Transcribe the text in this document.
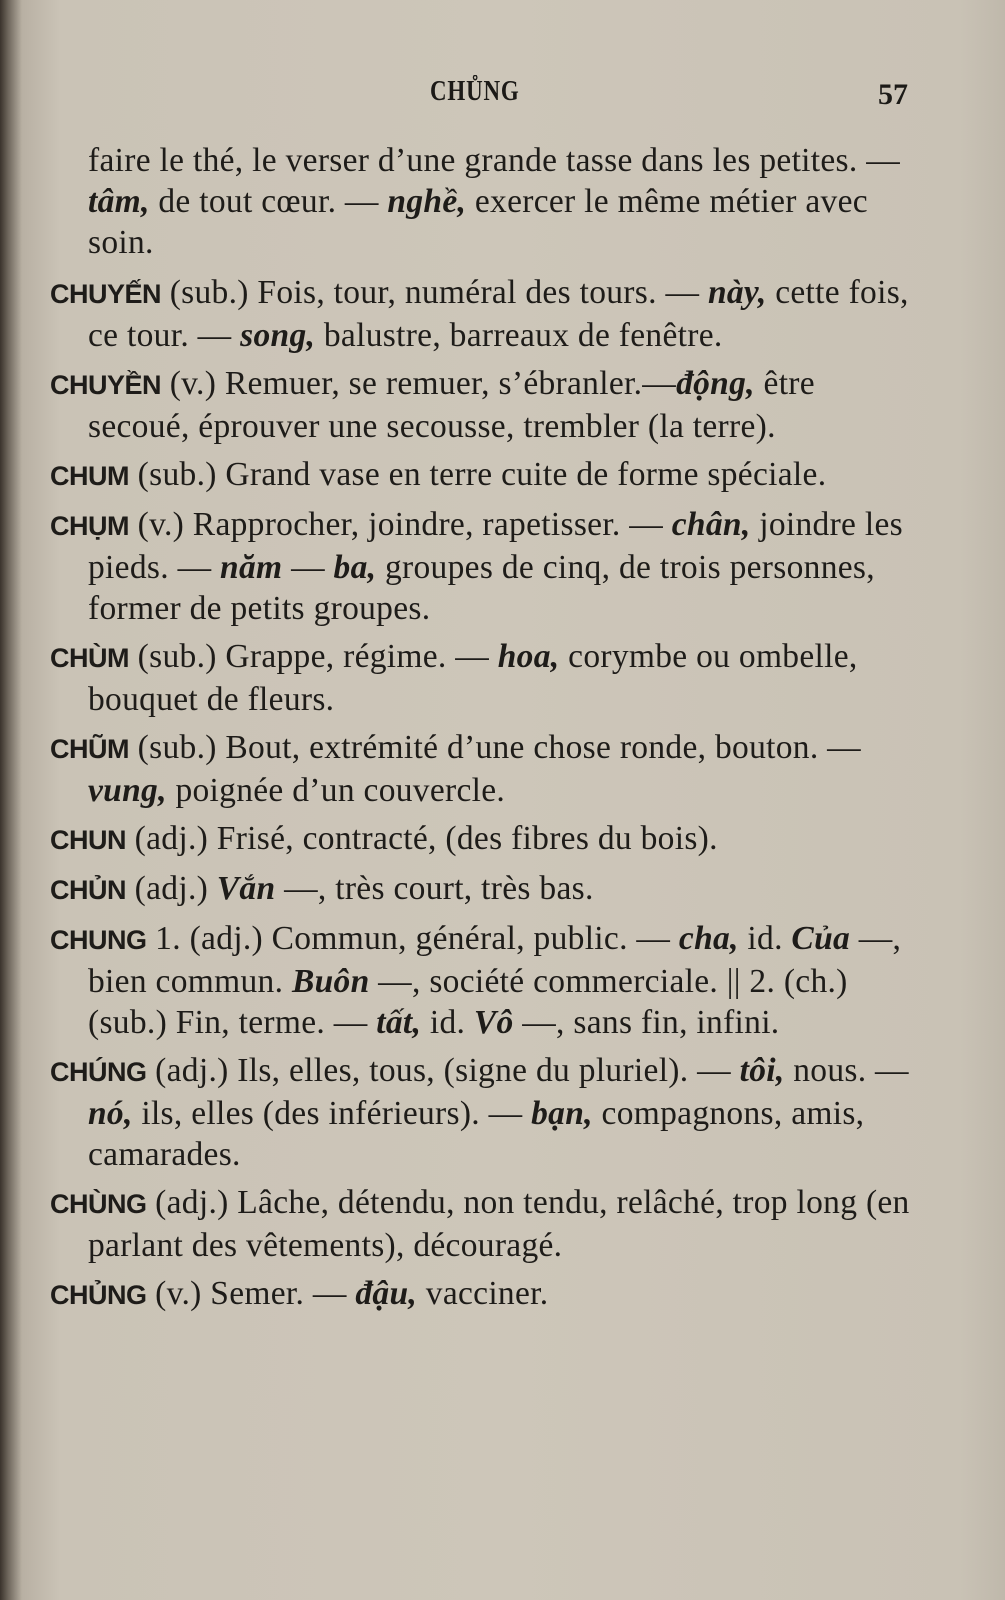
CHŮNG	57

faire le thé, le verser d’une grande tasse dans les petites. — tâm, de tout cœur. — nghề, exercer le même métier avec soin.

CHUYẾN (sub.) Fois, tour, numéral des tours. — này, cette fois, ce tour. — song, balustre, barreaux de fenêtre.

CHUYỀN (v.) Remuer, se remuer, s’ébranler.—động, être secoué, éprouver une secousse, trembler (la terre).

CHUM (sub.) Grand vase en terre cuite de forme spéciale.

CHỤM (v.) Rapprocher, joindre, rapetisser. — chân, joindre les pieds. — năm — ba, groupes de cinq, de trois personnes, former de petits groupes.

CHÙM (sub.) Grappe, régime. — hoa, corymbe ou ombelle, bouquet de fleurs.

CHŨM (sub.) Bout, extrémité d’une chose ronde, bouton. — vung, poignée d’un couvercle.

CHUN (adj.) Frisé, contracté, (des fibres du bois).

CHỦN (adj.) Vắn —, très court, très bas.

CHUNG 1. (adj.) Commun, général, public. — cha, id. Của —, bien commun. Buôn —, société commerciale. || 2. (ch.) (sub.) Fin, terme. — tất, id. Vô —, sans fin, infini.

CHÚNG (adj.) Ils, elles, tous, (signe du pluriel). — tôi, nous. — nó, ils, elles (des inférieurs). — bạn, compagnons, amis, camarades.

CHÙNG (adj.) Lâche, détendu, non tendu, relâché, trop long (en parlant des vêtements), découragé.

CHỦNG (v.) Semer. — đậu, vacciner.
